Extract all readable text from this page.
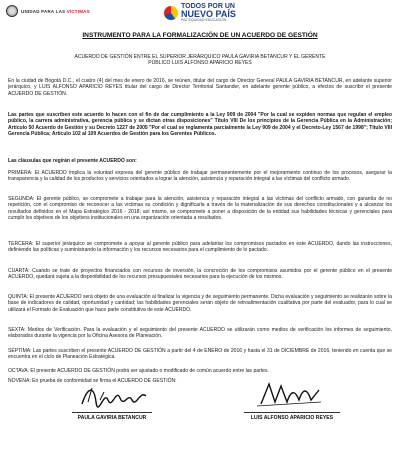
UNIDAD PARA LAS VÍCTIMAS
TODOS POR UN
NUEVO PAÍS
PAZ EQUIDAD EDUCACIÓN
INSTRUMENTO PARA LA FORMALIZACIÓN DE UN ACUERDO DE GESTIÓN
ACUERDO DE GESTIÓN ENTRE EL SUPERIOR JERÁRQUICO PAULA GAVIRIA BETANCUR Y EL GERENTE PÚBLICO LUIS ALFONSO APARICIO REYES
En la ciudad de Bogotá D.C., el cuatro (4) del mes de enero de 2016, se reúnen, titular del cargo de Director General PAULA GAVIRIA BETANCUR, en adelante superior jerárquico, y LUIS ALFONSO APARICIO REYES titular del cargo de Director Territorial Santander, en adelante gerente público, a efectos de suscribir el presente ACUERDO DE GESTIÓN.
Las partes que suscriben este acuerdo lo hacen con el fin de dar cumplimiento a la Ley 909 de 2004 "Por la cual se expiden normas que regulan el empleo público, la carrera administrativa, gerencia pública y se dictan otras disposiciones" Título VIII De los principios de la Gerencia Pública en la Administración; Artículo 50 Acuerdo de Gestión y su Decreto 1227 de 2005 "Por el cual se reglamenta parcialmente la Ley 909 de 2004 y el Decreto-Ley 1567 de 1998"; Título VIII Gerencia Pública; Artículo 102 al 109 Acuerdos de Gestión para los Gerentes Públicos.
Las cláusulas que regirán el presente ACUERDO son:
PRIMERA: El ACUERDO implica la voluntad expresa del gerente público de trabajar permanentemente por el mejoramiento continuo de los procesos, asegurar la transparencia y la calidad de los productos y servicios orientados a lograr la atención, asistencia y reparación integral a las víctimas del conflicto armado.
SEGUNDA: El gerente público, se compromete a trabajar para la atención, asistencia y reparación integral a las víctimas del conflicto armado, con garantía de no repetición, con el compromiso de reconocer a las víctimas su condición y dignificarla a través de la materialización de sus derechos constitucionales y a alcanzar los resultados definidos en el Mapa Estratégico 2016 - 2018; así mismo, se compromete a poner a disposición de la entidad sus habilidades técnicas y gerenciales para cumplir los objetivos de los objetivos institucionales en una organización orientada a resultados.
TERCERA: El superior jerárquico se compromete a apoyar al gerente público para adelantar los compromisos pactados en este ACUERDO, dando las instrucciones, definiendo las políticas y suministrando la información y los recursos necesarios para el cumplimiento de lo pactado.
CUARTA: Cuando se trate de proyectos financiados con recursos de inversión, la concreción de los compromisos asumidos por el gerente público en el presente ACUERDO, quedará sujeta a la disponibilidad de los recursos presupuestales necesarios para la ejecución de los mismos.
QUINTA: El presente ACUERDO será objeto de una evaluación al finalizar la vigencia y de seguimiento permanente. Dicha evaluación y seguimiento se realizarán sobre la base de indicadores de calidad, oportunidad y cantidad; las habilidades gerenciales serán objeto de retroalimentación cualitativa por parte del evaluador, para lo cual se utilizará el Formato de Evaluación que hace parte constitutiva de este ACUERDO.
SEXTA: Medios de Verificación. Para la evaluación y el seguimiento del presente ACUERDO se utilizarán como medios de verificación los informes de seguimiento, elaborados durante la vigencia por la Oficina Asesora de Planeación.
SÉPTIMA: Las partes suscriben el presente ACUERDO DE GESTIÓN a partir del 4 de ENERO de 2016 y hasta el 31 de DICIEMBRE de 2016, teniendo en cuenta que se encuentra en el ciclo de Planeación Estratégica.
OCTAVA: El presente ACUERDO DE GESTIÓN podrá ser ajustado o modificado de común acuerdo entre las partes.
NOVENA: En prueba de conformidad se firma el ACUERDO DE GESTIÓN:
PAULA GAVIRIA BETANCUR	LUIS ALFONSO APARICIO REYES
